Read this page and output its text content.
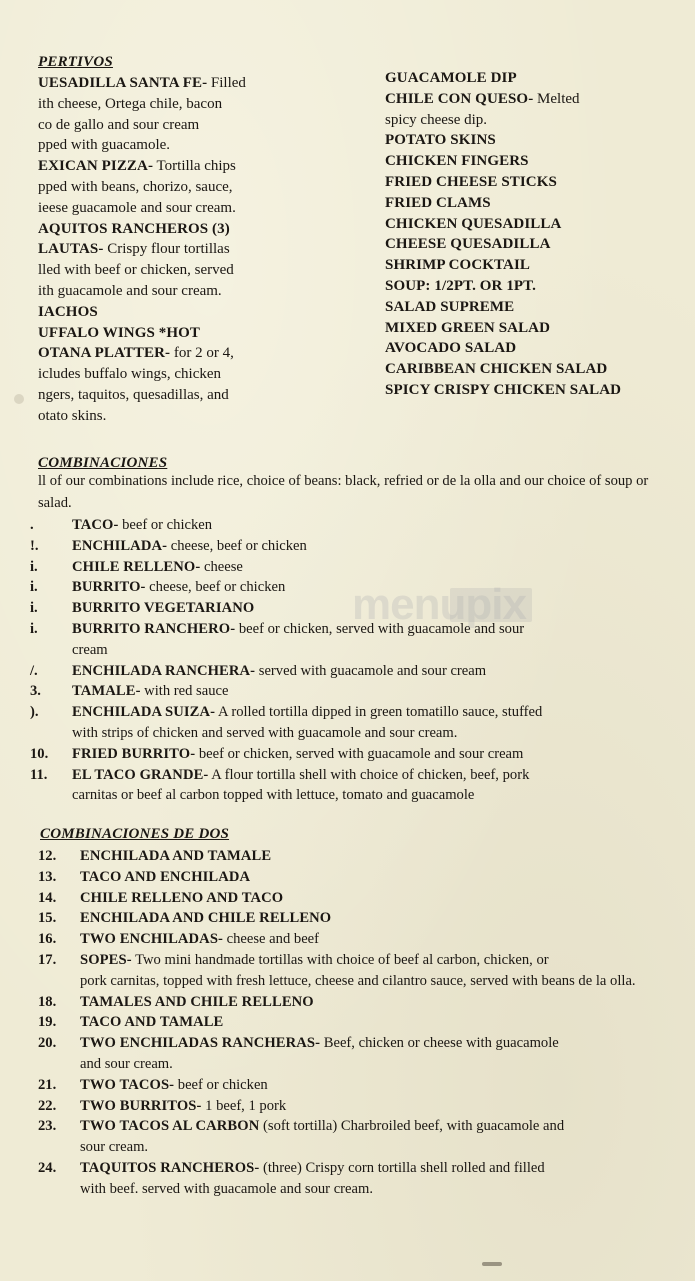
PERTIVOS
UESADILLA SANTA FE- Filled
ith cheese, Ortega chile, bacon
co de gallo and sour cream
pped with guacamole.
EXICAN PIZZA- Tortilla chips
pped with beans, chorizo, sauce,
ieese guacamole and sour cream.
AQUITOS RANCHEROS (3)
LAUTAS- Crispy flour tortillas
lled with beef or chicken, served
ith guacamole and sour cream.
IACHOS
UFFALO WINGS *HOT
OTANA PLATTER- for 2 or 4,
icludes buffalo wings, chicken
ngers, taquitos, quesadillas, and
otato skins.
GUACAMOLE DIP
CHILE CON QUESO- Melted
spicy cheese dip.
POTATO SKINS
CHICKEN FINGERS
FRIED CHEESE STICKS
FRIED CLAMS
CHICKEN QUESADILLA
CHEESE QUESADILLA
SHRIMP COCKTAIL
SOUP: 1/2PT. OR 1PT.
SALAD SUPREME
MIXED GREEN SALAD
AVOCADO SALAD
CARIBBEAN CHICKEN SALAD
SPICY CRISPY CHICKEN SALAD
COMBINACIONES
ll of our combinations include rice, choice of beans: black, refried or de la olla and our choice of soup or salad.
.	TACO- beef or chicken
!.	ENCHILADA- cheese, beef or chicken
i.	CHILE RELLENO- cheese
i.	BURRITO- cheese, beef or chicken
i.	BURRITO VEGETARIANO
i.	BURRITO RANCHERO- beef or chicken, served with guacamole and sour
cream
/.	ENCHILADA RANCHERA- served with guacamole and sour cream
3.	TAMALE- with red sauce
).	ENCHILADA SUIZA- A rolled tortilla dipped in green tomatillo sauce, stuffed
with strips of chicken and served with guacamole and sour cream.
10.	FRIED BURRITO- beef or chicken, served with guacamole and sour cream
11.	EL TACO GRANDE- A flour tortilla shell with choice of chicken, beef, pork
carnitas or beef al carbon topped with lettuce, tomato and guacamole
COMBINACIONES DE DOS
12.	ENCHILADA AND TAMALE
13.	TACO AND ENCHILADA
14.	CHILE RELLENO AND TACO
15.	ENCHILADA AND CHILE RELLENO
16.	TWO ENCHILADAS- cheese and beef
17.	SOPES- Two mini handmade tortillas with choice of beef al carbon, chicken, or
pork carnitas, topped with fresh lettuce, cheese and cilantro sauce, served with beans de la olla.
18.	TAMALES AND CHILE RELLENO
19.	TACO AND TAMALE
20.	TWO ENCHILADAS RANCHERAS- Beef, chicken or cheese with guacamole
and sour cream.
21.	TWO TACOS- beef or chicken
22.	TWO BURRITOS- 1 beef, 1 pork
23.	TWO TACOS AL CARBON (soft tortilla) Charbroiled beef, with guacamole and
sour cream.
24.	TAQUITOS RANCHEROS- (three) Crispy corn tortilla shell rolled and filled
with beef. served with guacamole and sour cream.
menupix
